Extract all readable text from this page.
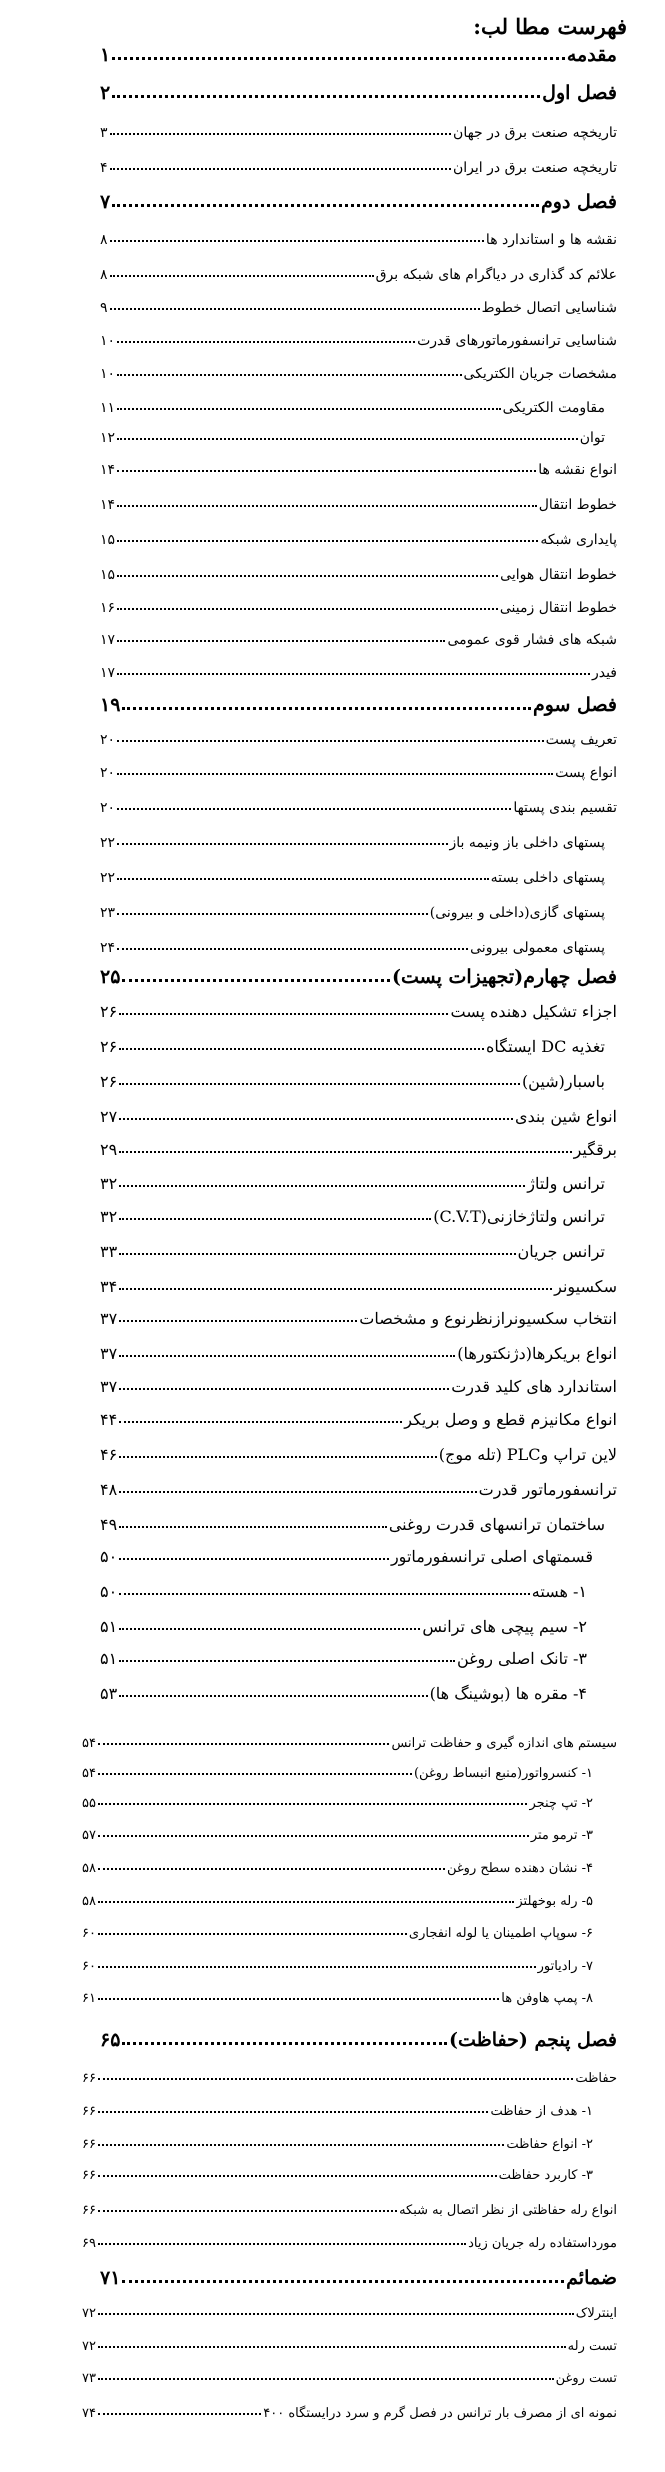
فهرست مطا لب:
مقدمه
۱
فصل اول
۲
تاریخچه صنعت برق در جهان
۳
تاریخچه صنعت برق در ایران
۴
فصل دوم
۷
نقشه ها و استاندارد ها
۸
علائم کد گذاری در دیاگرام های شبکه برق
۸
شناسایی اتصال خطوط
۹
شناسایی ترانسفورماتورهای قدرت
۱۰
مشخصات جریان الکتریکی
۱۰
مقاومت الکتریکی
۱۱
توان
۱۲
انواع نقشه ها
۱۴
خطوط انتقال
۱۴
پایداری شبکه
۱۵
خطوط انتقال هوایی
۱۵
خطوط انتقال زمینی
۱۶
شبکه های فشار قوی عمومی
۱۷
فیدر
۱۷
فصل سوم
۱۹
تعریف پست
۲۰
انواع پست
۲۰
تقسیم بندی پستها
۲۰
پستهای داخلی باز ونیمه باز
۲۲
پستهای داخلی بسته
۲۲
پستهای گازی(داخلی و بیرونی)
۲۳
پستهای معمولی بیرونی
۲۴
فصل چهارم(تجهیزات پست)
۲۵
اجزاء تشکیل دهنده پست
۲۶
تغذیه DC ایستگاه
۲۶
باسبار(شین)
۲۶
انواع شین بندی
۲۷
برقگیر
۲۹
ترانس ولتاژ
۳۲
ترانس ولتاژخازنی(C.V.T)
۳۲
ترانس جریان
۳۳
سکسیونر
۳۴
انتخاب سکسیونرازنظرنوع و مشخصات
۳۷
انواع بریکرها(دژنکتورها)
۳۷
استاندارد های کلید قدرت
۳۷
انواع مکانیزم قطع و وصل بریکر
۴۴
لاین تراپ وPLC (تله موج)
۴۶
ترانسفورماتور قدرت
۴۸
ساختمان ترانسهای قدرت روغنی
۴۹
قسمتهای اصلی ترانسفورماتور
۵۰
۱- هسته
۵۰
۲- سیم پیچی های ترانس
۵۱
۳- تانک اصلی روغن
۵۱
۴- مقره ها (بوشینگ ها)
۵۳
سیستم های اندازه گیری و حفاظت ترانس
۵۴
۱- کنسرواتور(منبع انبساط روغن)
۵۴
۲- تپ چنجر
۵۵
۳- ترمو متر
۵۷
۴- نشان دهنده سطح روغن
۵۸
۵- رله بوخهلتز
۵۸
۶- سوپاپ اطمینان یا لوله انفجاری
۶۰
۷- رادیاتور
۶۰
۸- پمپ هاوفن ها
۶۱
فصل پنجم (حفاظت)
۶۵
حفاظت
۶۶
۱- هدف از حفاظت
۶۶
۲- انواع حفاظت
۶۶
۳- کاربرد حفاظت
۶۶
انواع رله حفاظتی از نظر اتصال به شبکه
۶۶
مورداستفاده رله جریان زیاد
۶۹
ضمائم
۷۱
اینترلاک
۷۲
تست رله
۷۲
تست روغن
۷۳
نمونه ای از مصرف بار ترانس در فصل گرم و سرد درایستگاه ۴۰۰
۷۴
